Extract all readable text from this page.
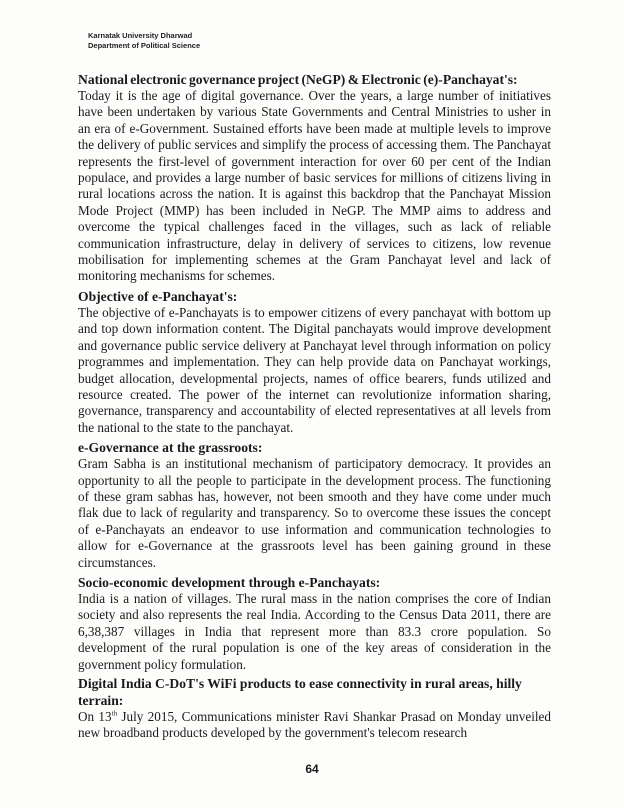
Karnatak University Dharwad
Department of Political Science

National electronic governance project (NeGP) & Electronic (e)-Panchayat's:

Today it is the age of digital governance. Over the years, a large number of initiatives have been undertaken by various State Governments and Central Ministries to usher in an era of e-Government. Sustained efforts have been made at multiple levels to improve the delivery of public services and simplify the process of accessing them. The Panchayat represents the first-level of government interaction for over 60 per cent of the Indian populace, and provides a large number of basic services for millions of citizens living in rural locations across the nation. It is against this backdrop that the Panchayat Mission Mode Project (MMP) has been included in NeGP. The MMP aims to address and overcome the typical challenges faced in the villages, such as lack of reliable communication infrastructure, delay in delivery of services to citizens, low revenue mobilisation for implementing schemes at the Gram Panchayat level and lack of monitoring mechanisms for schemes.

Objective of e-Panchayat's:

The objective of e-Panchayats is to empower citizens of every panchayat with bottom up and top down information content. The Digital panchayats would improve development and governance public service delivery at Panchayat level through information on policy programmes and implementation. They can help provide data on Panchayat workings, budget allocation, developmental projects, names of office bearers, funds utilized and resource created. The power of the internet can revolutionize information sharing, governance, transparency and accountability of elected representatives at all levels from the national to the state to the panchayat.

e-Governance at the grassroots:

Gram Sabha is an institutional mechanism of participatory democracy. It provides an opportunity to all the people to participate in the development process. The functioning of these gram sabhas has, however, not been smooth and they have come under much flak due to lack of regularity and transparency. So to overcome these issues the concept of e-Panchayats an endeavor to use information and communication technologies to allow for e-Governance at the grassroots level has been gaining ground in these circumstances.

Socio-economic development through e-Panchayats:

India is a nation of villages. The rural mass in the nation comprises the core of Indian society and also represents the real India. According to the Census Data 2011, there are 6,38,387 villages in India that represent more than 83.3 crore population. So development of the rural population is one of the key areas of consideration in the government policy formulation.

Digital India C-DoT's WiFi products to ease connectivity in rural areas, hilly terrain:

On 13th July 2015, Communications minister Ravi Shankar Prasad on Monday unveiled new broadband products developed by the government's telecom research

64
